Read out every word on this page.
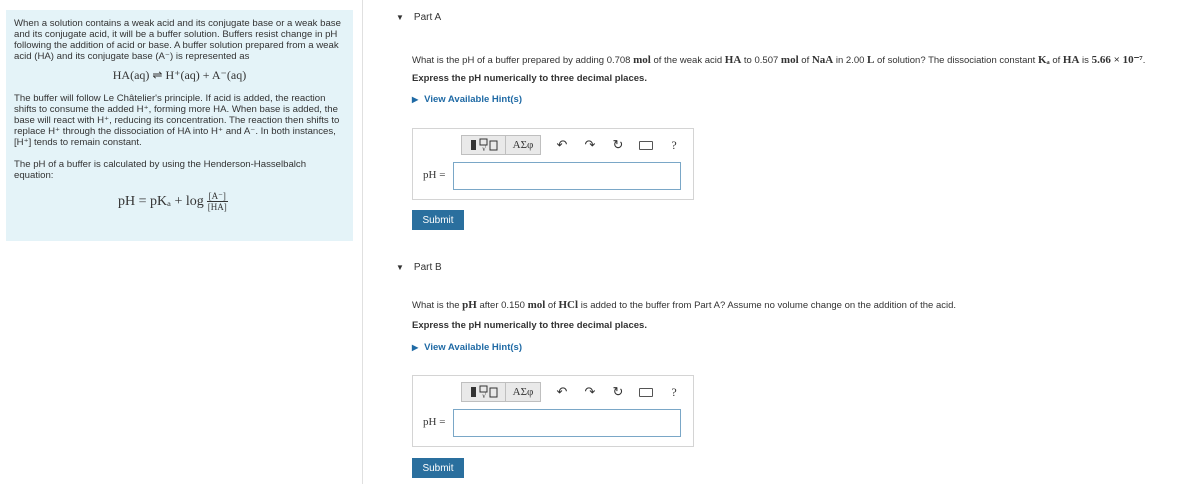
When a solution contains a weak acid and its conjugate base or a weak base and its conjugate acid, it will be a buffer solution. Buffers resist change in pH following the addition of acid or base. A buffer solution prepared from a weak acid (HA) and its conjugate base (A⁻) is represented as

HA(aq) ⇌ H⁺(aq) + A⁻(aq)

The buffer will follow Le Châtelier's principle. If acid is added, the reaction shifts to consume the added H⁺, forming more HA. When base is added, the base will react with H⁺, reducing its concentration. The reaction then shifts to replace H⁺ through the dissociation of HA into H⁺ and A⁻. In both instances, [H⁺] tends to remain constant.

The pH of a buffer is calculated by using the Henderson-Hasselbalch equation:

pH = $pK_a + \log \frac{[A^-]}{[HA]}$
▼ Part A
What is the pH of a buffer prepared by adding 0.708 mol of the weak acid HA to 0.507 mol of NaA in 2.00 L of solution? The dissociation constant Kₐ of HA is 5.66 × 10⁻⁷.
Express the pH numerically to three decimal places.
▶ View Available Hint(s)
√	ΑΣφ	↶	↷	↻	?
pH =
Submit
▼ Part B
What is the pH after 0.150 mol of HCl is added to the buffer from Part A? Assume no volume change on the addition of the acid.
Express the pH numerically to three decimal places.
▶ View Available Hint(s)
√	ΑΣφ	↶	↷	↻	?
pH =
Submit
